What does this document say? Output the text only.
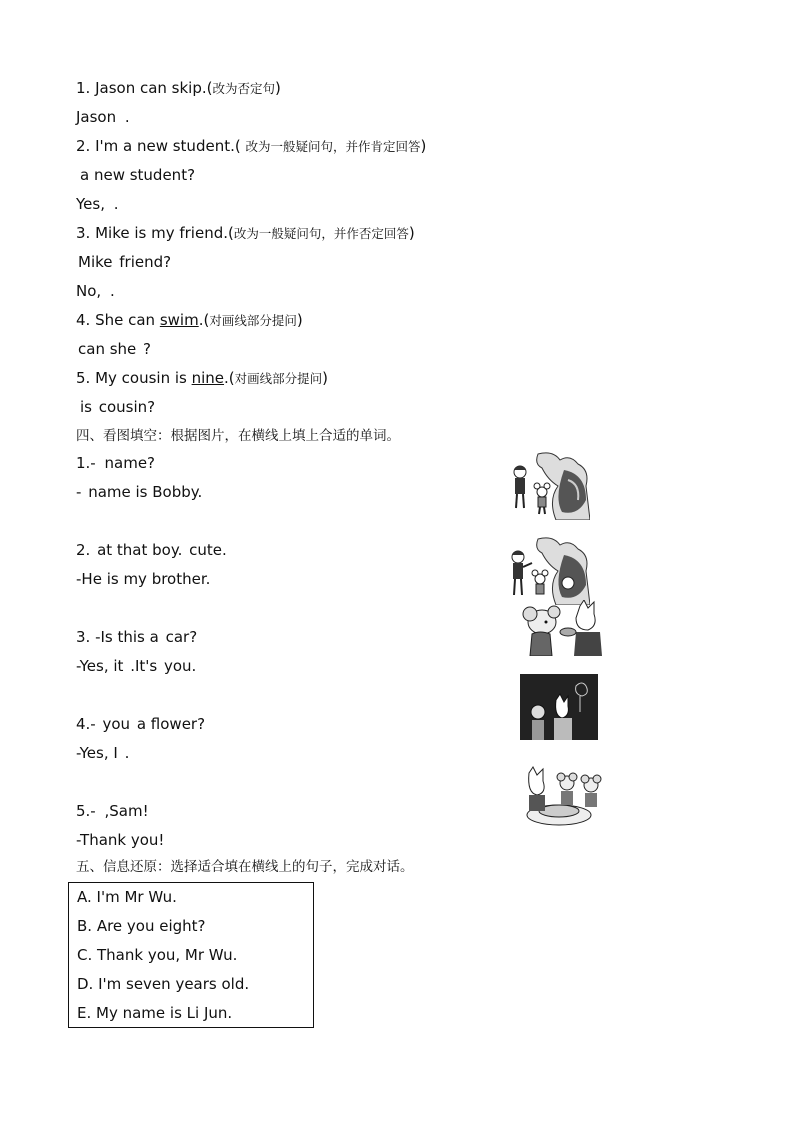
1. Jason can skip.(改为否定句)
Jason .
2. I'm a new student.( 改为一般疑问句，并作肯定回答)
a new student?
Yes, .
3. Mike is my friend.(改为一般疑问句，并作否定回答)
Mike friend?
No, .
4. She can swim.(对画线部分提问)
can she ?
5. My cousin is nine.(对画线部分提问)
is cousin?
四、看图填空：根据图片，在横线上填上合适的单词。
1.- name?
- name is Bobby.
2. at that boy. cute.
-He is my brother.
3. -Is this a car?
-Yes, it .It's you.
4.- you a flower?
-Yes, I .
5.- ,Sam!
-Thank you!
五、信息还原：选择适合填在横线上的句子，完成对话。
A. I'm Mr Wu.
B. Are you eight?
C. Thank you, Mr Wu.
D. I'm seven years old.
E. My name is Li Jun.
